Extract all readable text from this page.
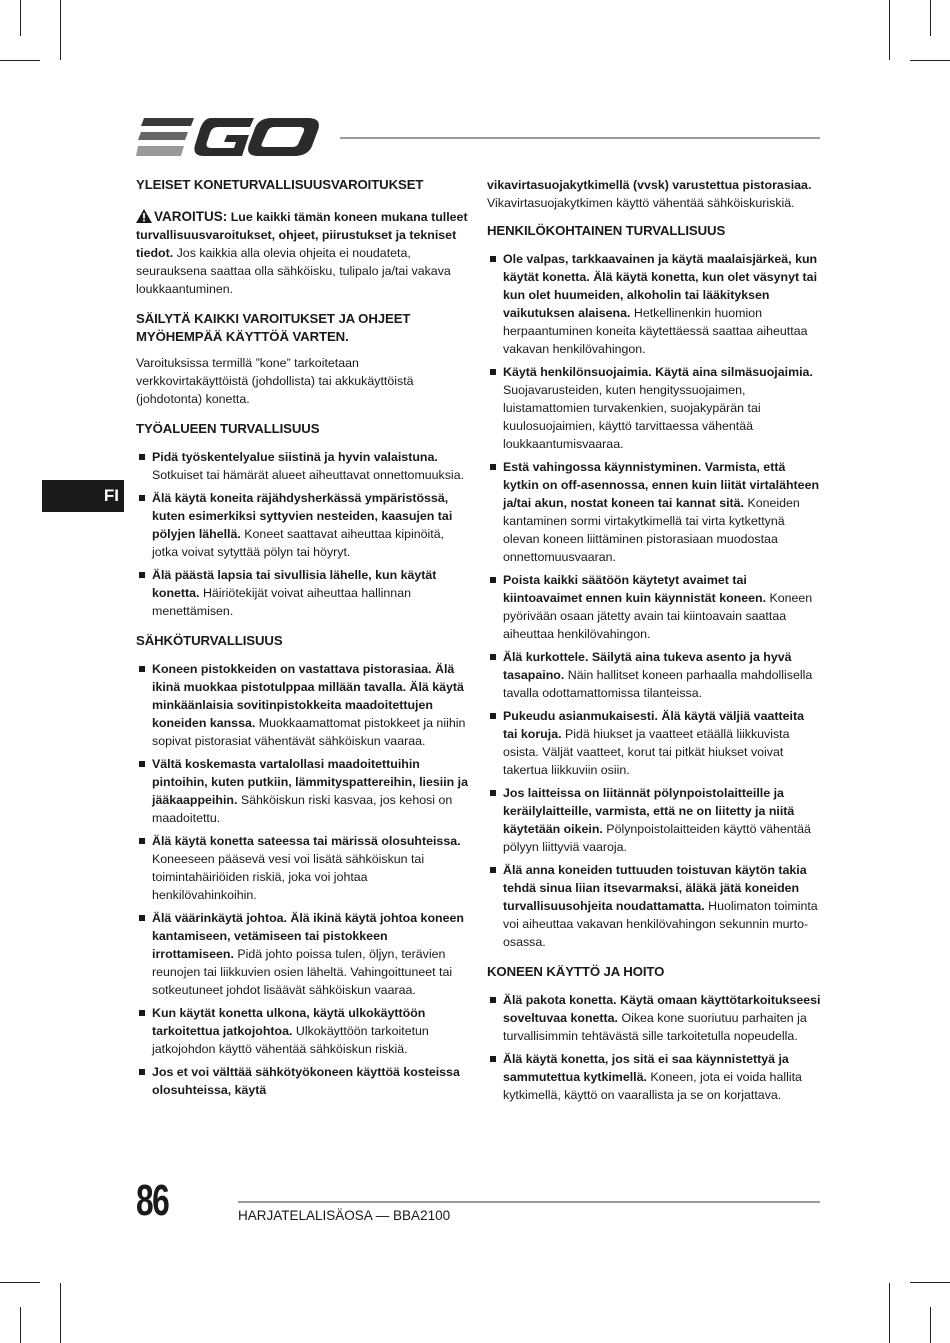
FI
YLEISET KONETURVALLISUUSVAROITUKSET

VAROITUS: Lue kaikki tämän koneen mukana tulleet turvallisuusvaroitukset, ohjeet, piirustukset ja tekniset tiedot. Jos kaikkia alla olevia ohjeita ei noudateta, seurauksena saattaa olla sähköisku, tulipalo ja/tai vakava loukkaantuminen.

SÄILYTÄ KAIKKI VAROITUKSET JA OHJEET MYÖHEMPÄÄ KÄYTTÖÄ VARTEN.

Varoituksissa termillä ”kone” tarkoitetaan verkkovirtakäyttöistä (johdollista) tai akkukäyttöistä (johdotonta) konetta.

TYÖALUEEN TURVALLISUUS
Pidä työskentelyalue siistinä ja hyvin valaistuna. Sotkuiset tai hämärät alueet aiheuttavat onnettomuuksia.
Älä käytä koneita räjähdysherkässä ympäristössä, kuten esimerkiksi syttyvien nesteiden, kaasujen tai pölyjen lähellä. Koneet saattavat aiheuttaa kipinöitä, jotka voivat sytyttää pölyn tai höyryt.
Älä päästä lapsia tai sivullisia lähelle, kun käytät konetta. Häiriötekijät voivat aiheuttaa hallinnan menettämisen.
SÄHKÖTURVALLISUUS
Koneen pistokkeiden on vastattava pistorasiaa. Älä ikinä muokkaa pistotulppaa millään tavalla. Älä käytä minkäänlaisia sovitinpistokkeita maadoitettujen koneiden kanssa. Muokkaamattomat pistokkeet ja niihin sopivat pistorasiat vähentävät sähköiskun vaaraa.
Vältä koskemasta vartalollasi maadoitettuihin pintoihin, kuten putkiin, lämmityspattereihin, liesiin ja jääkaappeihin. Sähköiskun riski kasvaa, jos kehosi on maadoitettu.
Älä käytä konetta sateessa tai märissä olosuhteissa. Koneeseen pääsevä vesi voi lisätä sähköiskun tai toimintahäiriöiden riskiä, joka voi johtaa henkilövahinkoihin.
Älä väärinkäytä johtoa. Älä ikinä käytä johtoa koneen kantamiseen, vetämiseen tai pistokkeen irrottamiseen. Pidä johto poissa tulen, öljyn, terävien reunojen tai liikkuvien osien läheltä. Vahingoittuneet tai sotkeutuneet johdot lisäävät sähköiskun vaaraa.
Kun käytät konetta ulkona, käytä ulkokäyttöön tarkoitettua jatkojohtoa. Ulkokäyttöön tarkoitetun jatkojohdon käyttö vähentää sähköiskun riskiä.
Jos et voi välttää sähkötyökoneen käyttöä kosteissa olosuhteissa, käytä

vikavirtasuojakytkimellä (vvsk) varustettua pistorasiaa. Vikavirtasuojakytkimen käyttö vähentää sähköiskuriskiä.

HENKILÖKOHTAINEN TURVALLISUUS
Ole valpas, tarkkaavainen ja käytä maalaisjärkeä, kun käytät konetta. Älä käytä konetta, kun olet väsynyt tai kun olet huumeiden, alkoholin tai lääkityksen vaikutuksen alaisena. Hetkellinenkin huomion herpaantuminen koneita käytettäessä saattaa aiheuttaa vakavan henkilövahingon.
Käytä henkilönsuojaimia. Käytä aina silmäsuojaimia. Suojavarusteiden, kuten hengityssuojaimen, luistamattomien turvakenkien, suojakypärän tai kuulosuojaimien, käyttö tarvittaessa vähentää loukkaantumisvaaraa.
Estä vahingossa käynnistyminen. Varmista, että kytkin on off-asennossa, ennen kuin liität virtalähteen ja/tai akun, nostat koneen tai kannat sitä. Koneiden kantaminen sormi virtakytkimellä tai virta kytkettynä olevan koneen liittäminen pistorasiaan muodostaa onnettomuusvaaran.
Poista kaikki säätöön käytetyt avaimet tai kiintoavaimet ennen kuin käynnistät koneen. Koneen pyörivään osaan jätetty avain tai kiintoavain saattaa aiheuttaa henkilövahingon.
Älä kurkottele. Säilytä aina tukeva asento ja hyvä tasapaino. Näin hallitset koneen parhaalla mahdollisella tavalla odottamattomissa tilanteissa.
Pukeudu asianmukaisesti. Älä käytä väljiä vaatteita tai koruja. Pidä hiukset ja vaatteet etäällä liikkuvista osista. Väljät vaatteet, korut tai pitkät hiukset voivat takertua liikkuviin osiin.
Jos laitteissa on liitännät pölynpoistolaitteille ja keräilylaitteille, varmista, että ne on liitetty ja niitä käytetään oikein. Pölynpoistolaitteiden käyttö vähentää pölyyn liittyviä vaaroja.
Älä anna koneiden tuttuuden toistuvan käytön takia tehdä sinua liian itsevarmaksi, äläkä jätä koneiden turvallisuusohjeita noudattamatta. Huolimaton toiminta voi aiheuttaa vakavan henkilövahingon sekunnin murto-osassa.
KONEEN KÄYTTÖ JA HOITO
Älä pakota konetta. Käytä omaan käyttötarkoitukseesi soveltuvaa konetta. Oikea kone suoriutuu parhaiten ja turvallisimmin tehtävästä sille tarkoitetulla nopeudella.
Älä käytä konetta, jos sitä ei saa käynnistettyä ja sammutettua kytkimellä. Koneen, jota ei voida hallita kytkimellä, käyttö on vaarallista ja se on korjattava.
86	HARJATELALISÄOSA — BBA2100
